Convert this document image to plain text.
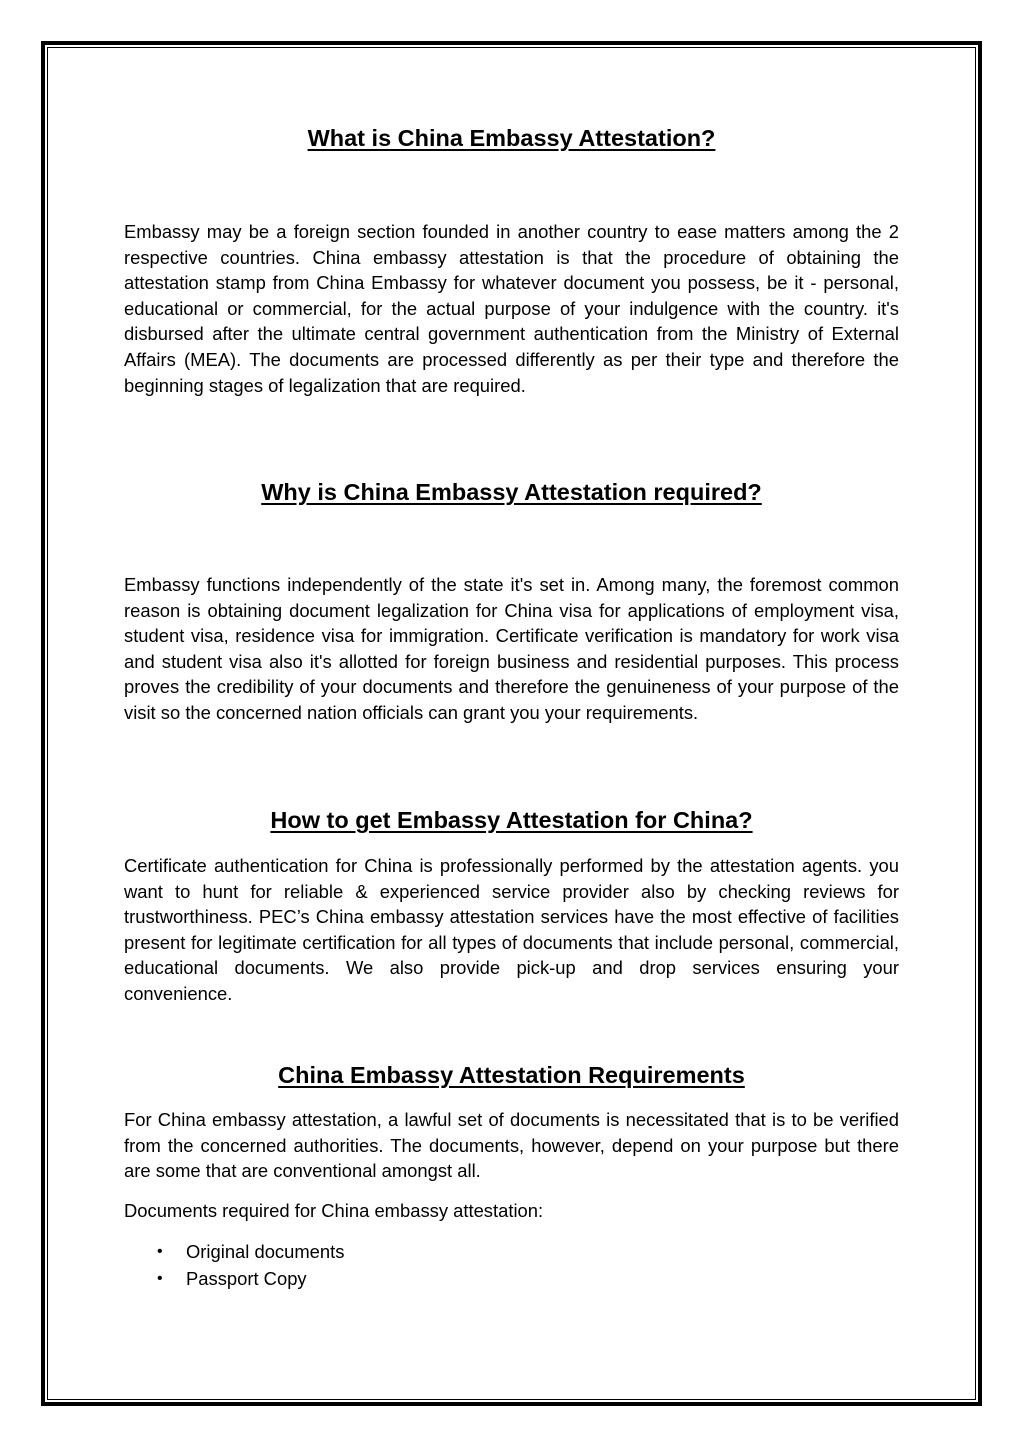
What is China Embassy Attestation?

Embassy may be a foreign section founded in another country to ease matters among the 2 respective countries. China embassy attestation is that the procedure of obtaining the attestation stamp from China Embassy for whatever document you possess, be it - personal, educational or commercial, for the actual purpose of your indulgence with the country. it's disbursed after the ultimate central government authentication from the Ministry of External Affairs (MEA). The documents are processed differently as per their type and therefore the beginning stages of legalization that are required.

Why is China Embassy Attestation required?

Embassy functions independently of the state it's set in. Among many, the foremost common reason is obtaining document legalization for China visa for applications of employment visa, student visa, residence visa for immigration. Certificate verification is mandatory for work visa and student visa also it's allotted for foreign business and residential purposes. This process proves the credibility of your documents and therefore the genuineness of your purpose of the visit so the concerned nation officials can grant you your requirements.

How to get Embassy Attestation for China?

Certificate authentication for China is professionally performed by the attestation agents. you want to hunt for reliable & experienced service provider also by checking reviews for trustworthiness. PEC’s China embassy attestation services have the most effective of facilities present for legitimate certification for all types of documents that include personal, commercial, educational documents. We also provide pick-up and drop services ensuring your convenience.

China Embassy Attestation Requirements

For China embassy attestation, a lawful set of documents is necessitated that is to be verified from the concerned authorities. The documents, however, depend on your purpose but there are some that are conventional amongst all.

Documents required for China embassy attestation:

• Original documents
• Passport Copy
